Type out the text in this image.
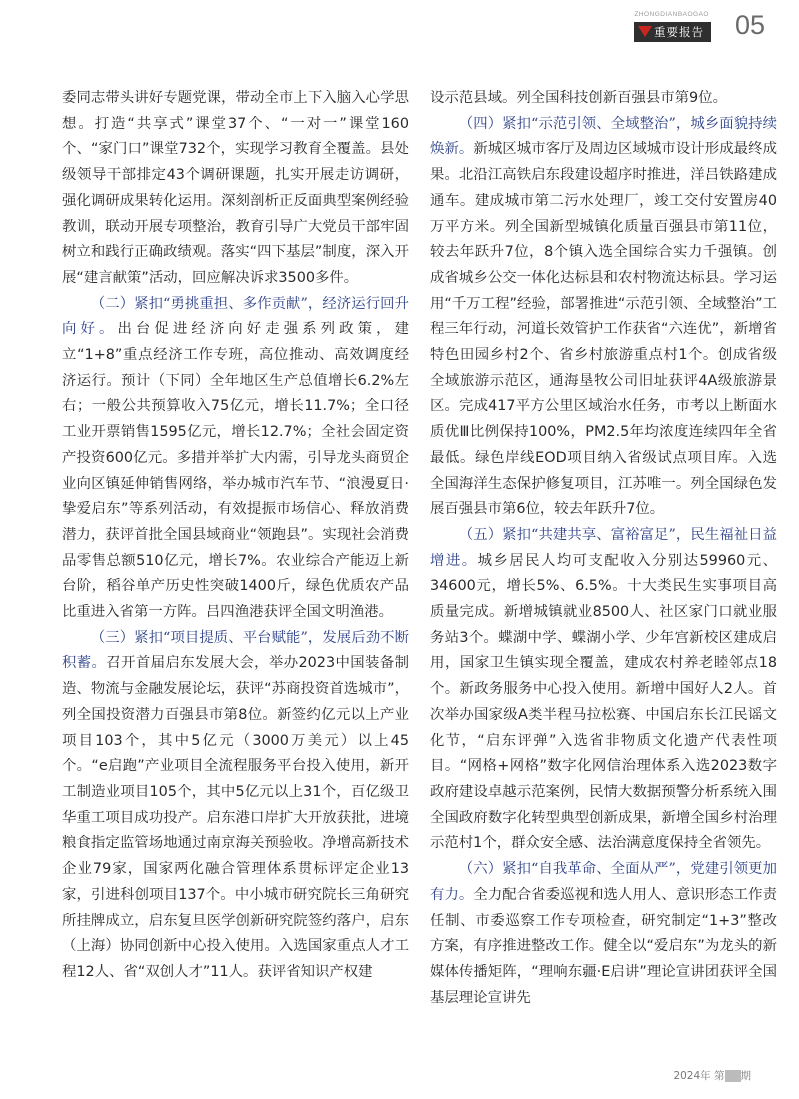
ZHONGDIANBAOGAO
重要报告 05

委同志带头讲好专题党课，带动全市上下入脑入心学思想。打造“共享式”课堂37个、“一对一”课堂160个、“家门口”课堂732个，实现学习教育全覆盖。县处级领导干部排定43个调研课题，扎实开展走访调研，强化调研成果转化运用。深刻剖析正反面典型案例经验教训，联动开展专项整治，教育引导广大党员干部牢固树立和践行正确政绩观。落实“四下基层”制度，深入开展“建言献策”活动，回应解决诉求3500多件。

（二）紧扣“勇挑重担、多作贡献”，经济运行回升向好。出台促进经济向好走强系列政策，建立“1+8”重点经济工作专班，高位推动、高效调度经济运行。预计（下同）全年地区生产总值增长6.2%左右；一般公共预算收入75亿元，增长11.7%；全口径工业开票销售1595亿元，增长12.7%；全社会固定资产投资600亿元。多措并举扩大内需，引导龙头商贸企业向区镇延伸销售网络，举办城市汽车节、“浪漫夏日·挚爱启东”等系列活动，有效提振市场信心、释放消费潜力，获评首批全国县域商业“领跑县”。实现社会消费品零售总额510亿元，增长7%。农业综合产能迈上新台阶，稻谷单产历史性突破1400斤，绿色优质农产品比重进入省第一方阵。吕四渔港获评全国文明渔港。

（三）紧扣“项目提质、平台赋能”，发展后劲不断积蓄。召开首届启东发展大会，举办2023中国装备制造、物流与金融发展论坛，获评“苏商投资首选城市”，列全国投资潜力百强县市第8位。新签约亿元以上产业项目103个，其中5亿元（3000万美元）以上45个。“e启跑”产业项目全流程服务平台投入使用，新开工制造业项目105个，其中5亿元以上31个，百亿级卫华重工项目成功投产。启东港口岸扩大开放获批，进境粮食指定监管场地通过南京海关预验收。净增高新技术企业79家，国家两化融合管理体系贯标评定企业13家，引进科创项目137个。中小城市研究院长三角研究所挂牌成立，启东复旦医学创新研究院签约落户，启东（上海）协同创新中心投入使用。入选国家重点人才工程12人、省“双创人才”11人。获评省知识产权建

设示范县域。列全国科技创新百强县市第9位。

（四）紧扣“示范引领、全域整治”，城乡面貌持续焕新。新城区城市客厅及周边区域城市设计形成最终成果。北沿江高铁启东段建设超序时推进，洋吕铁路建成通车。建成城市第二污水处理厂，竣工交付安置房40万平方米。列全国新型城镇化质量百强县市第11位，较去年跃升7位，8个镇入选全国综合实力千强镇。创成省城乡公交一体化达标县和农村物流达标县。学习运用“千万工程”经验，部署推进“示范引领、全域整治”工程三年行动，河道长效管护工作获省“六连优”，新增省特色田园乡村2个、省乡村旅游重点村1个。创成省级全域旅游示范区，通海垦牧公司旧址获评4A级旅游景区。完成417平方公里区域治水任务，市考以上断面水质优Ⅲ比例保持100%，PM2.5年均浓度连续四年全省最低。绿色岸线EOD项目纳入省级试点项目库。入选全国海洋生态保护修复项目，江苏唯一。列全国绿色发展百强县市第6位，较去年跃升7位。

（五）紧扣“共建共享、富裕富足”，民生福祉日益增进。城乡居民人均可支配收入分别达59960元、34600元，增长5%、6.5%。十大类民生实事项目高质量完成。新增城镇就业8500人、社区家门口就业服务站3个。蝶湖中学、蝶湖小学、少年宫新校区建成启用，国家卫生镇实现全覆盖，建成农村养老睦邻点18个。新政务服务中心投入使用。新增中国好人2人。首次举办国家级A类半程马拉松赛、中国启东长江民谣文化节，“启东评弹”入选省非物质文化遗产代表性项目。“网格+网格”数字化网信治理体系入选2023数字政府建设卓越示范案例，民情大数据预警分析系统入围全国政府数字化转型典型创新成果，新增全国乡村治理示范村1个，群众安全感、法治满意度保持全省领先。

（六）紧扣“自我革命、全面从严”，党建引领更加有力。全力配合省委巡视和选人用人、意识形态工作责任制、市委巡察工作专项检查，研究制定“1+3”整改方案，有序推进整改工作。健全以“爱启东”为龙头的新媒体传播矩阵，“理响东疆·E启讲”理论宣讲团获评全国基层理论宣讲先

2024年 第 期
